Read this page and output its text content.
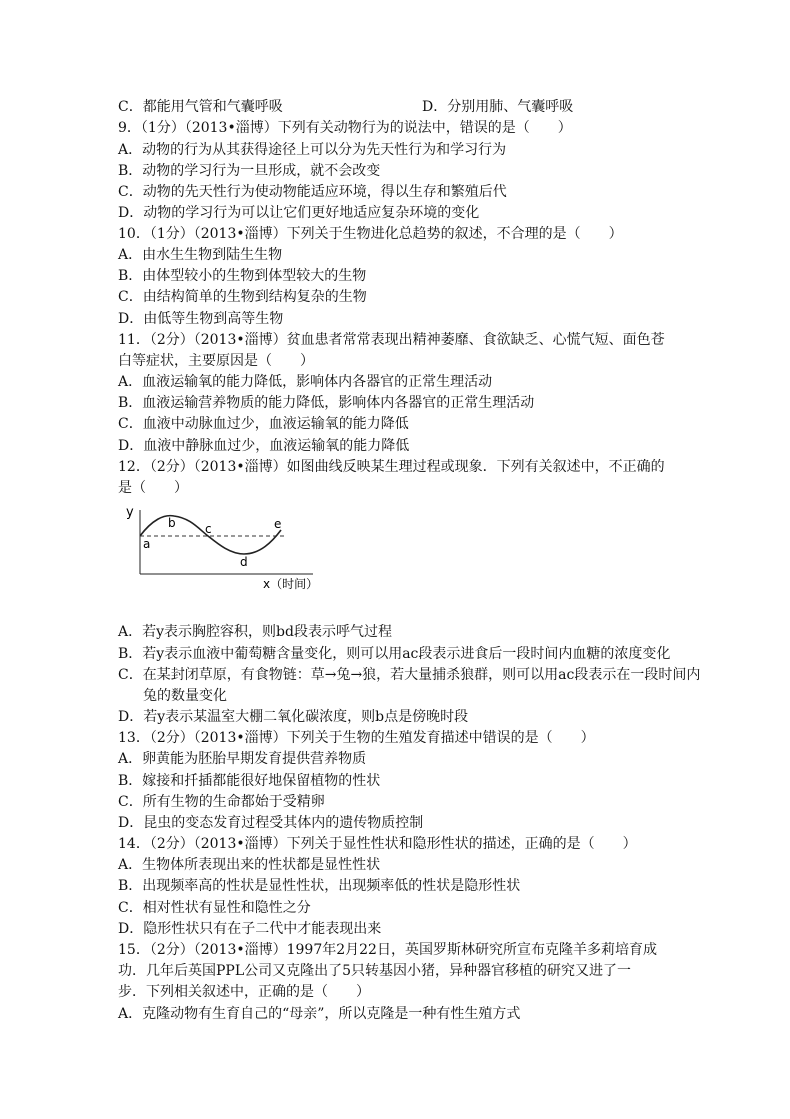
C．都能用气管和气囊呼吸	D．分别用肺、气囊呼吸
9．（1分）（2013•淄博）下列有关动物行为的说法中，错误的是（　　）
A．动物的行为从其获得途径上可以分为先天性行为和学习行为
B．动物的学习行为一旦形成，就不会改变
C．动物的先天性行为使动物能适应环境，得以生存和繁殖后代
D．动物的学习行为可以让它们更好地适应复杂环境的变化
10．（1分）（2013•淄博）下列关于生物进化总趋势的叙述，不合理的是（　　）
A．由水生生物到陆生生物
B．由体型较小的生物到体型较大的生物
C．由结构简单的生物到结构复杂的生物
D．由低等生物到高等生物
11．（2分）（2013•淄博）贫血患者常常表现出精神萎靡、食欲缺乏、心慌气短、面色苍
白等症状，主要原因是（　　）
A．血液运输氧的能力降低，影响体内各器官的正常生理活动
B．血液运输营养物质的能力降低，影响体内各器官的正常生理活动
C．血液中动脉血过少，血液运输氧的能力降低
D．血液中静脉血过少，血液运输氧的能力降低
12．（2分）（2013•淄博）如图曲线反映某生理过程或现象．下列有关叙述中，不正确的
是（　　）
y
a
b c
d
e
x（时间）
A．若y表示胸腔容积，则bd段表示呼气过程
B．若y表示血液中葡萄糖含量变化，则可以用ac段表示进食后一段时间内血糖的浓度变化
C．在某封闭草原，有食物链：草→兔→狼，若大量捕杀狼群，则可以用ac段表示在一段时间内
兔的数量变化
D．若y表示某温室大棚二氧化碳浓度，则b点是傍晚时段
13．（2分）（2013•淄博）下列关于生物的生殖发育描述中错误的是（　　）
A．卵黄能为胚胎早期发育提供营养物质
B．嫁接和扦插都能很好地保留植物的性状
C．所有生物的生命都始于受精卵
D．昆虫的变态发育过程受其体内的遗传物质控制
14．（2分）（2013•淄博）下列关于显性性状和隐形性状的描述，正确的是（　　）
A．生物体所表现出来的性状都是显性性状
B．出现频率高的性状是显性性状，出现频率低的性状是隐形性状
C．相对性状有显性和隐性之分
D．隐形性状只有在子二代中才能表现出来
15．（2分）（2013•淄博）1997年2月22日，英国罗斯林研究所宣布克隆羊多莉培育成
功．几年后英国PPL公司又克隆出了5只转基因小猪，异种器官移植的研究又进了一
步．下列相关叙述中，正确的是（　　）
A．克隆动物有生育自己的“母亲”，所以克隆是一种有性生殖方式
